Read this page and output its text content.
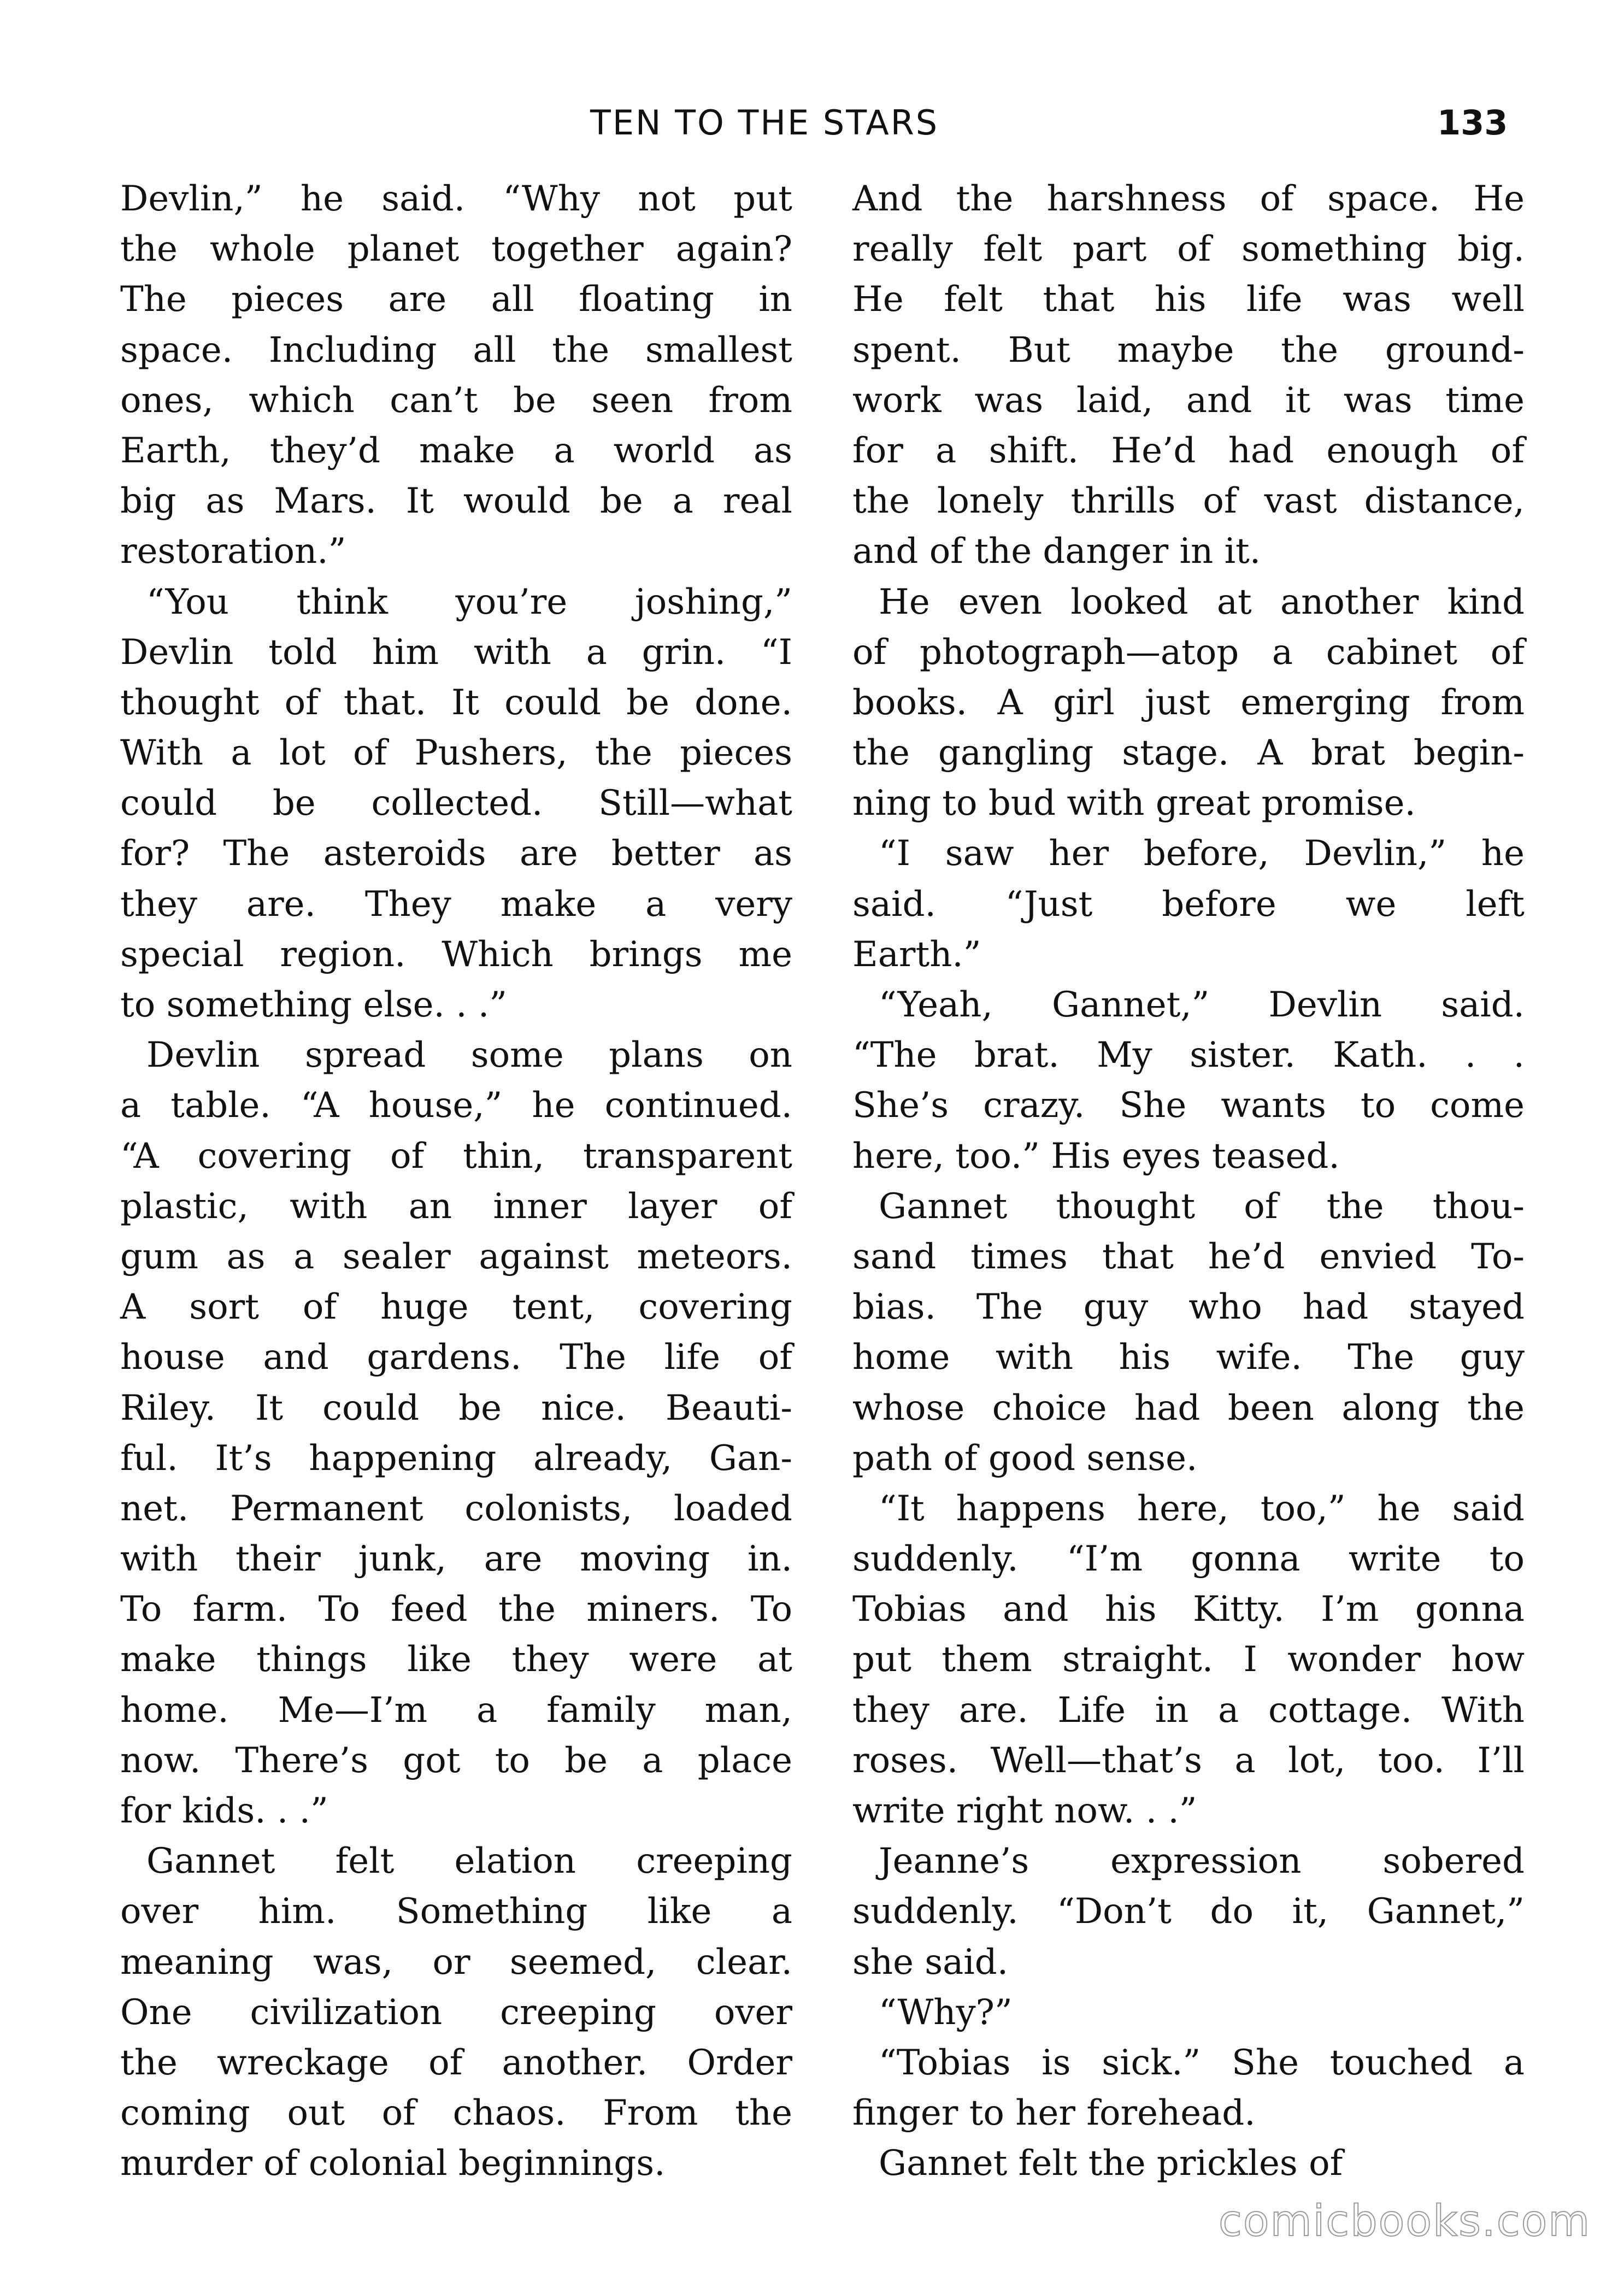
TEN TO THE STARS	133
Devlin,” he said. “Why not put
the whole planet together again?
The pieces are all floating in
space. Including all the smallest
ones, which can’t be seen from
Earth, they’d make a world as
big as Mars. It would be a real
restoration.”
“You think you’re joshing,”
Devlin told him with a grin. “I
thought of that. It could be done.
With a lot of Pushers, the pieces
could be collected. Still—what
for? The asteroids are better as
they are. They make a very
special region. Which brings me
to something else. . .”
Devlin spread some plans on
a table. “A house,” he continued.
“A covering of thin, transparent
plastic, with an inner layer of
gum as a sealer against meteors.
A sort of huge tent, covering
house and gardens. The life of
Riley. It could be nice. Beauti-
ful. It’s happening already, Gan-
net. Permanent colonists, loaded
with their junk, are moving in.
To farm. To feed the miners. To
make things like they were at
home. Me—I’m a family man,
now. There’s got to be a place
for kids. . .”
Gannet felt elation creeping
over him. Something like a
meaning was, or seemed, clear.
One civilization creeping over
the wreckage of another. Order
coming out of chaos. From the
murder of colonial beginnings.
And the harshness of space. He
really felt part of something big.
He felt that his life was well
spent. But maybe the ground-
work was laid, and it was time
for a shift. He’d had enough of
the lonely thrills of vast distance,
and of the danger in it.
He even looked at another kind
of photograph—atop a cabinet of
books. A girl just emerging from
the gangling stage. A brat begin-
ning to bud with great promise.
“I saw her before, Devlin,” he
said. “Just before we left
Earth.”
“Yeah, Gannet,” Devlin said.
“The brat. My sister. Kath. . .
She’s crazy. She wants to come
here, too.” His eyes teased.
Gannet thought of the thou-
sand times that he’d envied To-
bias. The guy who had stayed
home with his wife. The guy
whose choice had been along the
path of good sense.
“It happens here, too,” he said
suddenly. “I’m gonna write to
Tobias and his Kitty. I’m gonna
put them straight. I wonder how
they are. Life in a cottage. With
roses. Well—that’s a lot, too. I’ll
write right now. . .”
Jeanne’s expression sobered
suddenly. “Don’t do it, Gannet,”
she said.
“Why?”
“Tobias is sick.” She touched a
finger to her forehead.
Gannet felt the prickles of
comicbooks.com
